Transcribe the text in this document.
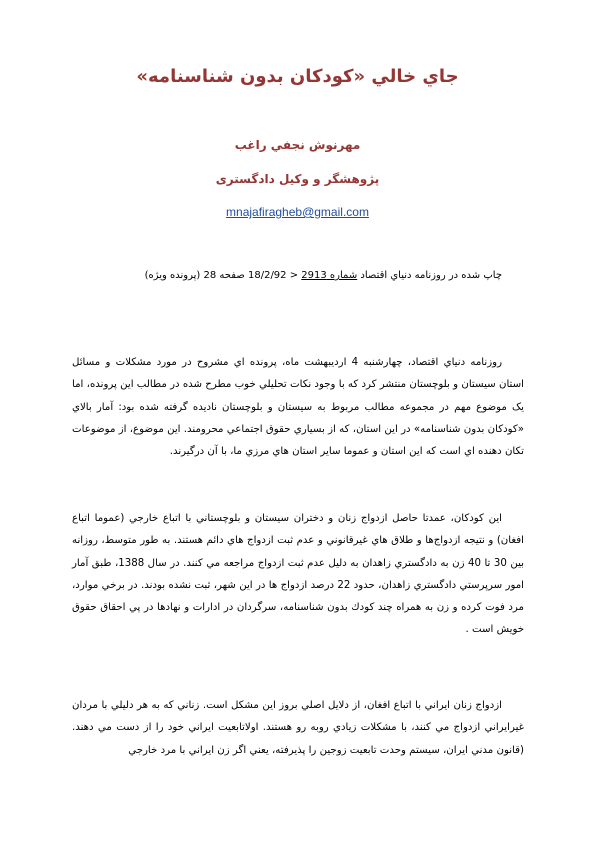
جاي خالي «كودكان بدون شناسنامه»
مهرنوش نجفي راغب
پژوهشگر و وکیل دادگستری
mnajafiragheb@gmail.com
چاپ شده در روزنامه دنیاي اقتصاد شماره 2913 < 18/2/92 صفحه 28 (پرونده ويژه)
روزنامه دنیاي اقتصاد، چهارشنبه 4 ارديبهشت ماه، پرونده اي مشروح در مورد مشکلات و مسائل استان سیستان و بلوچستان منتشر كرد كه با وجود نكات تحليلي خوب مطرح شده در مطالب اين پرونده، اما یک موضوع مهم در مجموعه مطالب مربوط به سيستان و بلوچستان ناديده گرفته شده بود: آمار بالاي «كودكان بدون شناسنامه» در اين استان، كه از بسياري حقوق اجتماعي محرومند. اين موضوع، از موضوعات تکان دهنده اي است که اين استان و عموما ساير استان هاي مرزي ما، با آن درگيرند.
اين كودكان، عمدتا حاصل ازدواج زنان و دختران سيستان و بلوچستاني با اتباع خارجي (عموما اتباع افغان) و نتيجه ازدواج‌ها و طلاق هاي غيرقانوني و عدم ثبت ازدواج هاي دائم هستند. به طور متوسط، روزانه بين 30 تا 40 زن به دادگستري زاهدان به دليل عدم ثبت ازدواج مراجعه مي كنند. در سال 1388، طبق آمار امور سرپرستي دادگستري زاهدان، حدود 22 درصد ازدواج ها در اين شهر، ثبت نشده بودند. در برخي موارد، مرد فوت كرده و زن به همراه چند كودك بدون شناسنامه، سرگردان در ادارات و نهادها در پي احقاق حقوق خويش است .
ازدواج زنان ايراني با اتباع افغان، از دلايل اصلي بروز اين مشكل است. زناني كه به هر دليلي با مردان غيرايراني ازدواج مي كنند، با مشكلات زيادي روبه رو هستند. اولاتابعيت ايراني خود را از دست مي دهند. (قانون مدني ايران، سيستم وحدت تابعيت زوجين را پذيرفته، يعني اگر زن ايراني با مرد خارجي
